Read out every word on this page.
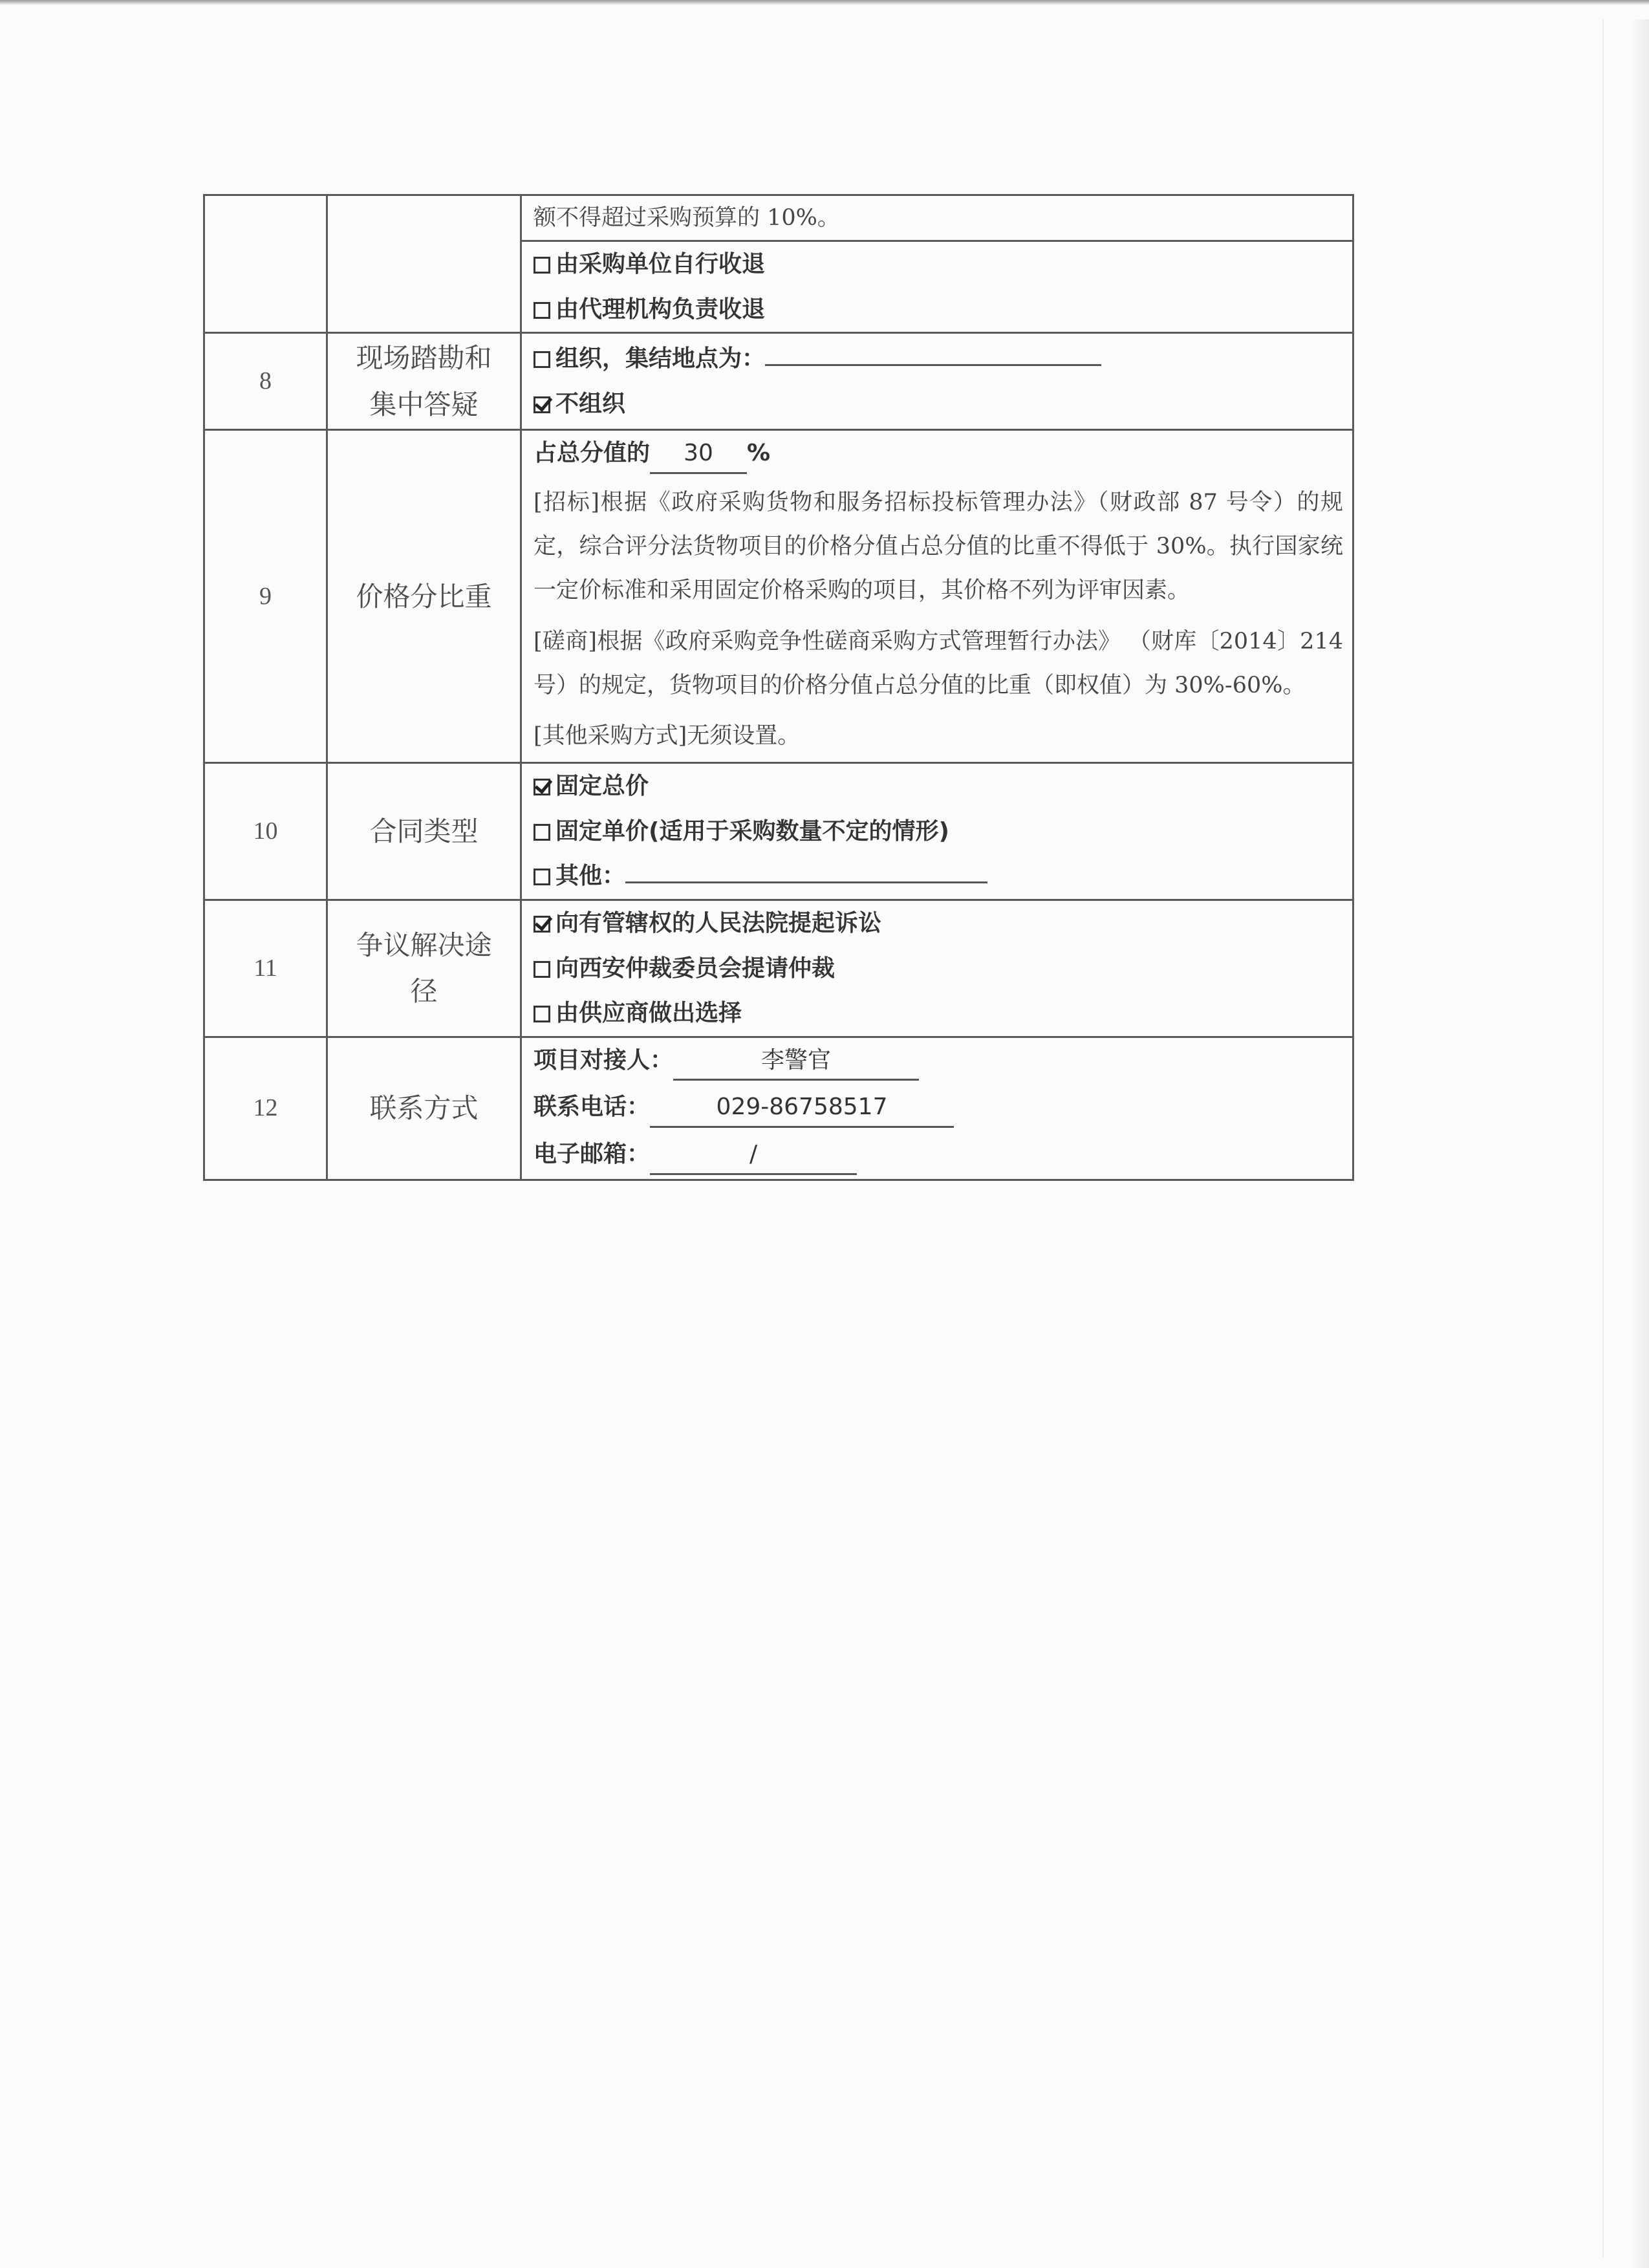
		额不得超过采购预算的 10%。
由采购单位自行收退
由代理机构负责收退

8	现场踏勘和
集中答疑	组织，集结地点为：
不组织

9	价格分比重	占总分值的 30 %
[招标]根据《政府采购货物和服务招标投标管理办法》（财政部 87 号令）的规定，综合评分法货物项目的价格分值占总分值的比重不得低于 30%。执行国家统一定价标准和采用固定价格采购的项目，其价格不列为评审因素。
[磋商]根据《政府采购竞争性磋商采购方式管理暂行办法》 （财库〔2014〕214 号）的规定，货物项目的价格分值占总分值的比重（即权值）为 30%-60%。
[其他采购方式]无须设置。

10	合同类型	固定总价
固定单价(适用于采购数量不定的情形)
其他：

11	争议解决途
径	向有管辖权的人民法院提起诉讼
向西安仲裁委员会提请仲裁
由供应商做出选择

12	联系方式	项目对接人： 李警官
联系电话： 029-86758517
电子邮箱： /
